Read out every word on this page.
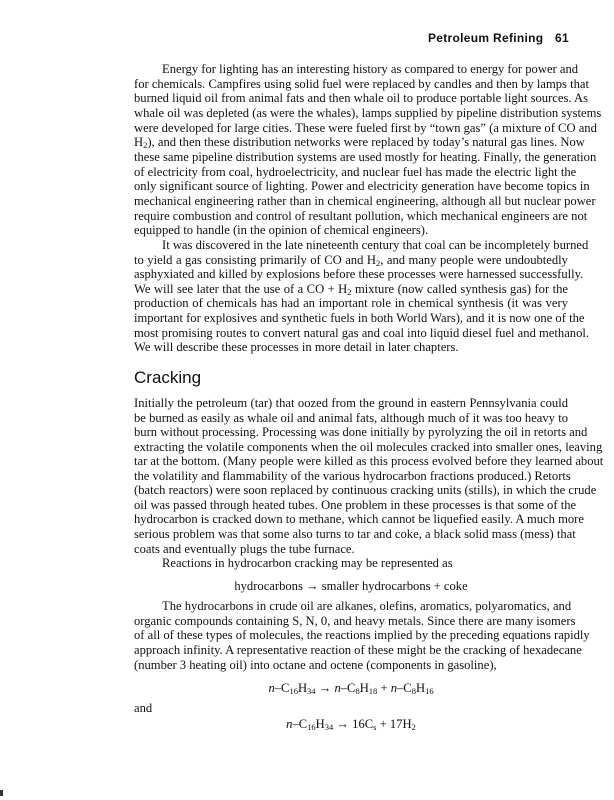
Petroleum Refining 61
Energy for lighting has an interesting history as compared to energy for power and
for chemicals. Campfires using solid fuel were replaced by candles and then by lamps that
burned liquid oil from animal fats and then whale oil to produce portable light sources. As
whale oil was depleted (as were the whales), lamps supplied by pipeline distribution systems
were developed for large cities. These were fueled first by “town gas” (a mixture of CO and
$H_2$), and then these distribution networks were replaced by today’s natural gas lines. Now
these same pipeline distribution systems are used mostly for heating. Finally, the generation
of electricity from coal, hydroelectricity, and nuclear fuel has made the electric light the
only significant source of lighting. Power and electricity generation have become topics in
mechanical engineering rather than in chemical engineering, although all but nuclear power
require combustion and control of resultant pollution, which mechanical engineers are not
equipped to handle (in the opinion of chemical engineers).
It was discovered in the late nineteenth century that coal can be incompletely burned
to yield a gas consisting primarily of CO and $H_2$, and many people were undoubtedly
asphyxiated and killed by explosions before these processes were harnessed successfully.
We will see later that the use of a CO + $H_2$ mixture (now called synthesis gas) for the
production of chemicals has had an important role in chemical synthesis (it was very
important for explosives and synthetic fuels in both World Wars), and it is now one of the
most promising routes to convert natural gas and coal into liquid diesel fuel and methanol.
We will describe these processes in more detail in later chapters.
Initially the petroleum (tar) that oozed from the ground in eastern Pennsylvania could
be burned as easily as whale oil and animal fats, although much of it was too heavy to
burn without processing. Processing was done initially by pyrolyzing the oil in retorts and
extracting the volatile components when the oil molecules cracked into smaller ones, leaving
tar at the bottom. (Many people were killed as this process evolved before they learned about
the volatility and flammability of the various hydrocarbon fractions produced.) Retorts
(batch reactors) were soon replaced by continuous cracking units (stills), in which the crude
oil was passed through heated tubes. One problem in these processes is that some of the
hydrocarbon is cracked down to methane, which cannot be liquefied easily. A much more
serious problem was that some also turns to tar and coke, a black solid mass (mess) that
coats and eventually plugs the tube furnace.
Reactions in hydrocarbon cracking may be represented as
The hydrocarbons in crude oil are alkanes, olefins, aromatics, polyaromatics, and
organic compounds containing S, N, 0, and heavy metals. Since there are many isomers
of all of these types of molecules, the reactions implied by the preceding equations rapidly
approach infinity. A representative reaction of these might be the cracking of hexadecane
(number 3 heating oil) into octane and octene (components in gasoline),
Cracking
hydrocarbons → smaller hydrocarbons + coke
$n-C_{16}H_{34} \to n-C_8H_{18} + n-C_8H_{16}$
and
$n-C_{16}H_{34} \to 16C_s + 17H_2$
